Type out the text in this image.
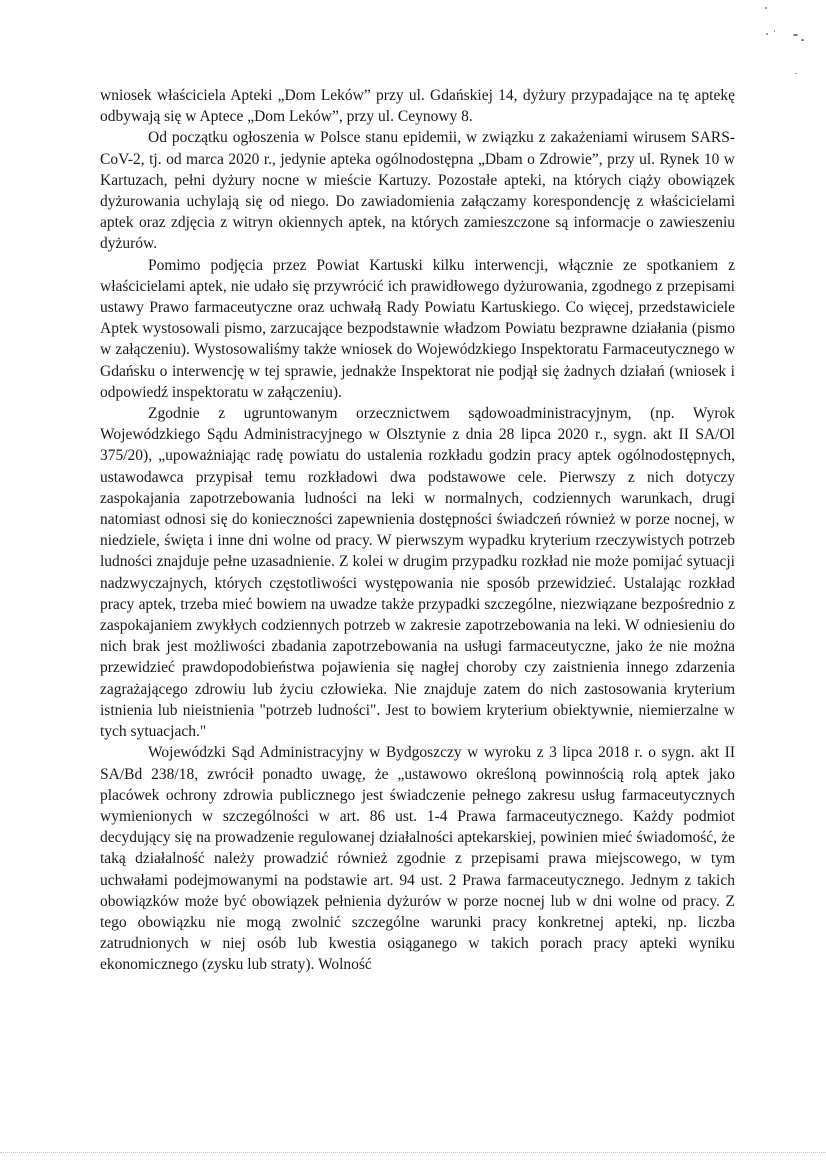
wniosek właściciela Apteki „Dom Leków” przy ul. Gdańskiej 14, dyżury przypadające na tę aptekę odbywają się w Aptece „Dom Leków”, przy ul. Ceynowy 8.

Od początku ogłoszenia w Polsce stanu epidemii, w związku z zakażeniami wirusem SARS-CoV-2, tj. od marca 2020 r., jedynie apteka ogólnodostępna „Dbam o Zdrowie”, przy ul. Rynek 10 w Kartuzach, pełni dyżury nocne w mieście Kartuzy. Pozostałe apteki, na których ciąży obowiązek dyżurowania uchylają się od niego. Do zawiadomienia załączamy korespondencję z właścicielami aptek oraz zdjęcia z witryn okiennych aptek, na których zamieszczone są informacje o zawieszeniu dyżurów.

Pomimo podjęcia przez Powiat Kartuski kilku interwencji, włącznie ze spotkaniem z właścicielami aptek, nie udało się przywrócić ich prawidłowego dyżurowania, zgodnego z przepisami ustawy Prawo farmaceutyczne oraz uchwałą Rady Powiatu Kartuskiego. Co więcej, przedstawiciele Aptek wystosowali pismo, zarzucające bezpodstawnie władzom Powiatu bezprawne działania (pismo w załączeniu). Wystosowaliśmy także wniosek do Wojewódzkiego Inspektoratu Farmaceutycznego w Gdańsku o interwencję w tej sprawie, jednakże Inspektorat nie podjął się żadnych działań (wniosek i odpowiedź inspektoratu w załączeniu).

Zgodnie z ugruntowanym orzecznictwem sądowoadministracyjnym, (np. Wyrok Wojewódzkiego Sądu Administracyjnego w Olsztynie z dnia 28 lipca 2020 r., sygn. akt II SA/Ol 375/20), „upoważniając radę powiatu do ustalenia rozkładu godzin pracy aptek ogólnodostępnych, ustawodawca przypisał temu rozkładowi dwa podstawowe cele. Pierwszy z nich dotyczy zaspokajania zapotrzebowania ludności na leki w normalnych, codziennych warunkach, drugi natomiast odnosi się do konieczności zapewnienia dostępności świadczeń również w porze nocnej, w niedziele, święta i inne dni wolne od pracy. W pierwszym wypadku kryterium rzeczywistych potrzeb ludności znajduje pełne uzasadnienie. Z kolei w drugim przypadku rozkład nie może pomijać sytuacji nadzwyczajnych, których częstotliwości występowania nie sposób przewidzieć. Ustalając rozkład pracy aptek, trzeba mieć bowiem na uwadze także przypadki szczególne, niezwiązane bezpośrednio z zaspokajaniem zwykłych codziennych potrzeb w zakresie zapotrzebowania na leki. W odniesieniu do nich brak jest możliwości zbadania zapotrzebowania na usługi farmaceutyczne, jako że nie można przewidzieć prawdopodobieństwa pojawienia się nagłej choroby czy zaistnienia innego zdarzenia zagrażającego zdrowiu lub życiu człowieka. Nie znajduje zatem do nich zastosowania kryterium istnienia lub nieistnienia "potrzeb ludności". Jest to bowiem kryterium obiektywnie, niemierzalne w tych sytuacjach."

Wojewódzki Sąd Administracyjny w Bydgoszczy w wyroku z 3 lipca 2018 r. o sygn. akt II SA/Bd 238/18, zwrócił ponadto uwagę, że „ustawowo określoną powinnością rolą aptek jako placówek ochrony zdrowia publicznego jest świadczenie pełnego zakresu usług farmaceutycznych wymienionych w szczególności w art. 86 ust. 1-4 Prawa farmaceutycznego. Każdy podmiot decydujący się na prowadzenie regulowanej działalności aptekarskiej, powinien mieć świadomość, że taką działalność należy prowadzić również zgodnie z przepisami prawa miejscowego, w tym uchwałami podejmowanymi na podstawie art. 94 ust. 2 Prawa farmaceutycznego. Jednym z takich obowiązków może być obowiązek pełnienia dyżurów w porze nocnej lub w dni wolne od pracy. Z tego obowiązku nie mogą zwolnić szczególne warunki pracy konkretnej apteki, np. liczba zatrudnionych w niej osób lub kwestia osiąganego w takich porach pracy apteki wyniku ekonomicznego (zysku lub straty). Wolność
